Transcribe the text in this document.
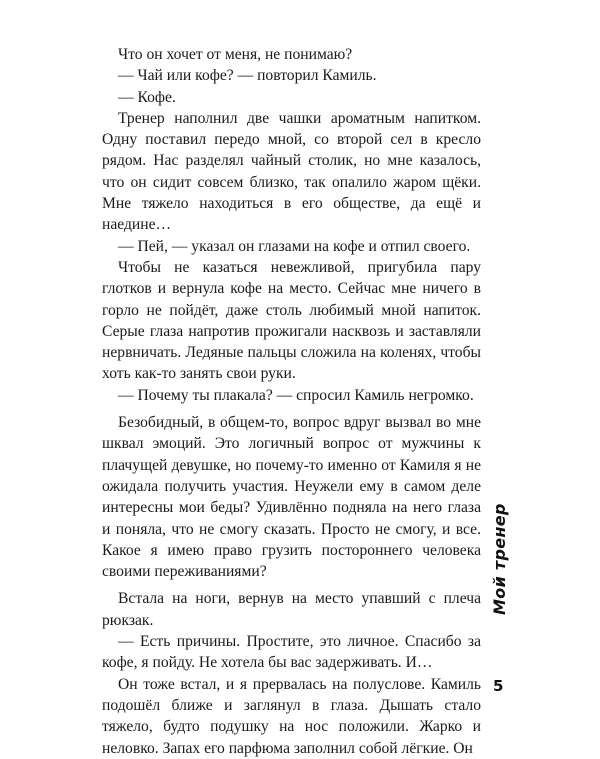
Что он хочет от меня, не понимаю?

— Чай или кофе? — повторил Камиль.

— Кофе.

Тренер наполнил две чашки ароматным напитком. Одну поставил передо мной, со второй сел в кресло рядом. Нас разделял чайный столик, но мне казалось, что он сидит совсем близко, так опалило жаром щёки. Мне тяжело находиться в его обществе, да ещё и наедине…

— Пей, — указал он глазами на кофе и отпил своего.

Чтобы не казаться невежливой, пригубила пару глотков и вернула кофе на место. Сейчас мне ничего в горло не пойдёт, даже столь любимый мной напиток. Серые глаза напротив прожигали насквозь и заставляли нервничать. Ледяные пальцы сложила на коленях, чтобы хоть как-то занять свои руки.

— Почему ты плакала? — спросил Камиль негромко.

Безобидный, в общем-то, вопрос вдруг вызвал во мне шквал эмоций. Это логичный вопрос от мужчины к плачущей девушке, но почему-то именно от Камиля я не ожидала получить участия. Неужели ему в самом деле интересны мои беды? Удивлённо подняла на него глаза и поняла, что не смогу сказать. Просто не смогу, и все. Какое я имею право грузить постороннего человека своими переживаниями?

Встала на ноги, вернув на место упавший с плеча рюкзак.

— Есть причины. Простите, это личное. Спасибо за кофе, я пойду. Не хотела бы вас задерживать. И…

Он тоже встал, и я прервалась на полуслове. Камиль подошёл ближе и заглянул в глаза. Дышать стало тяжело, будто подушку на нос положили. Жарко и неловко. Запах его парфюма заполнил собой лёгкие. Он

Мой тренер
5
